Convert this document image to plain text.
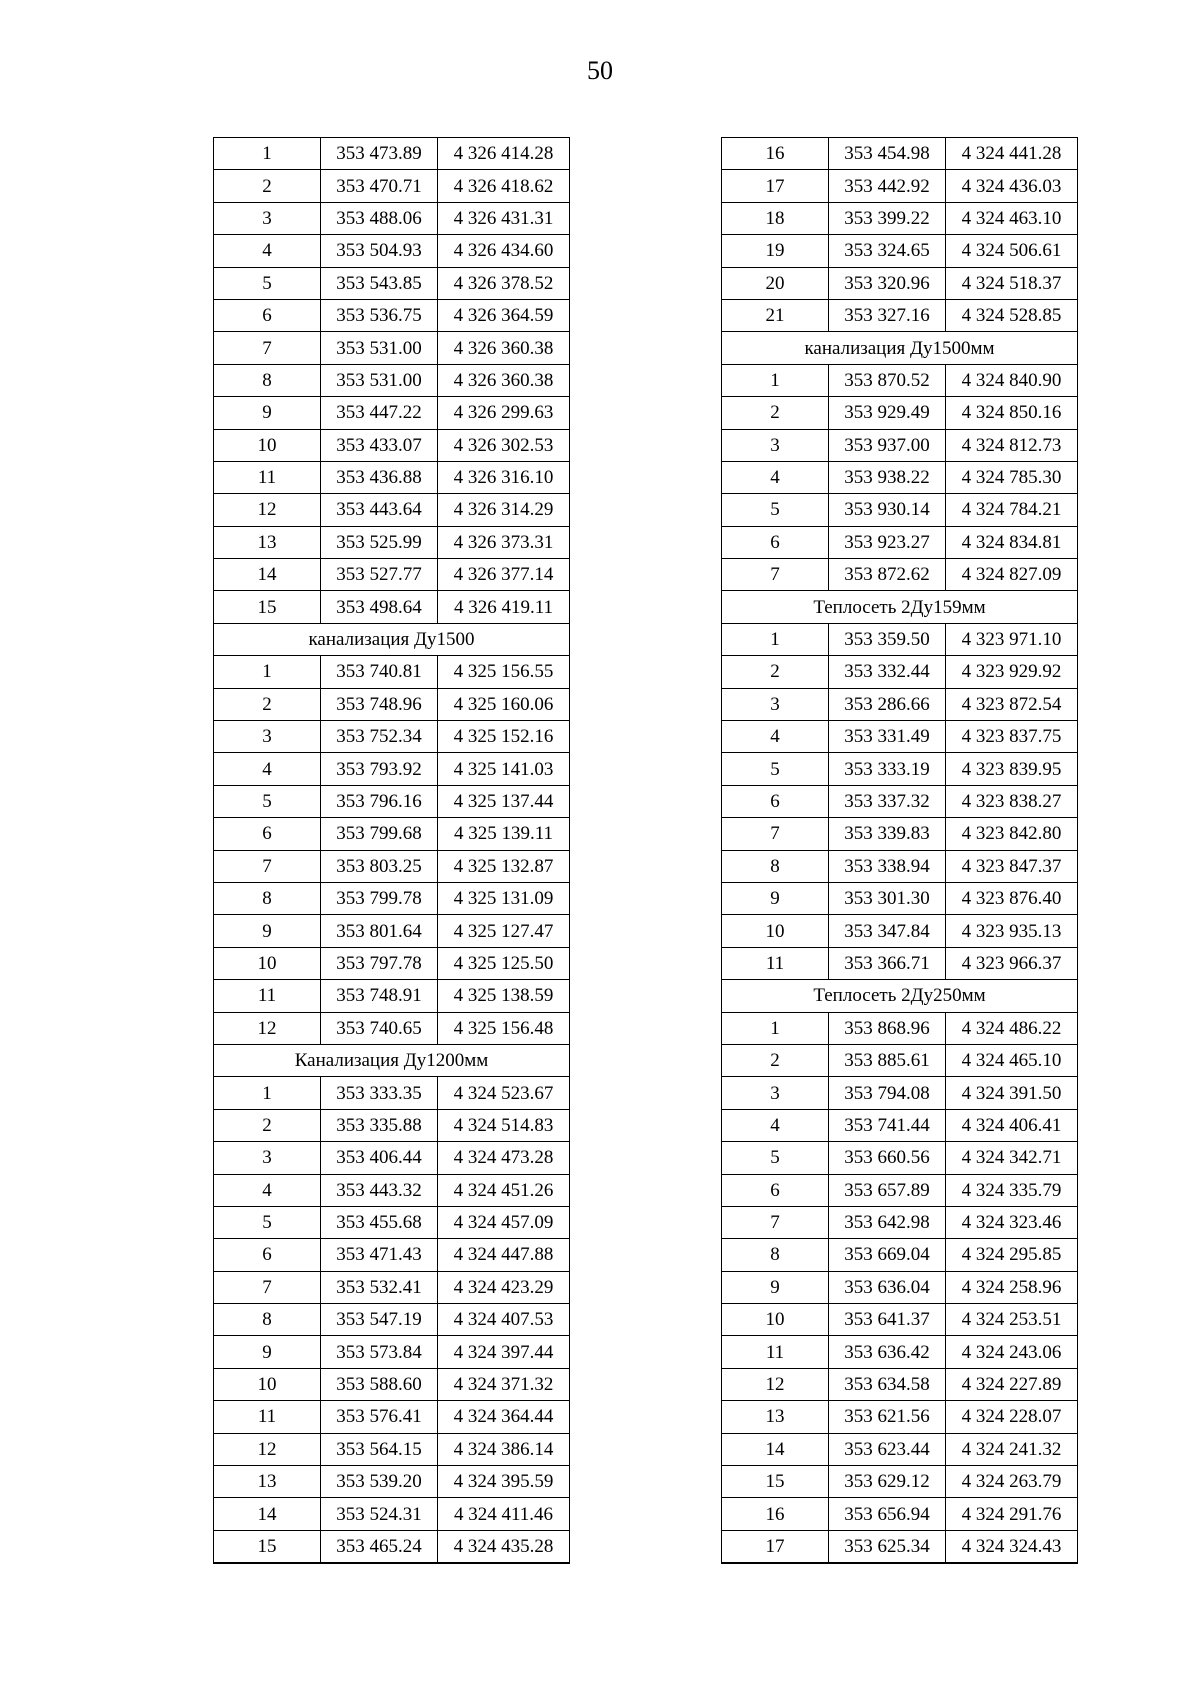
50
1	353 473.89	4 326 414.28
2	353 470.71	4 326 418.62
3	353 488.06	4 326 431.31
4	353 504.93	4 326 434.60
5	353 543.85	4 326 378.52
6	353 536.75	4 326 364.59
7	353 531.00	4 326 360.38
8	353 531.00	4 326 360.38
9	353 447.22	4 326 299.63
10	353 433.07	4 326 302.53
11	353 436.88	4 326 316.10
12	353 443.64	4 326 314.29
13	353 525.99	4 326 373.31
14	353 527.77	4 326 377.14
15	353 498.64	4 326 419.11
канализация Ду1500		
1	353 740.81	4 325 156.55
2	353 748.96	4 325 160.06
3	353 752.34	4 325 152.16
4	353 793.92	4 325 141.03
5	353 796.16	4 325 137.44
6	353 799.68	4 325 139.11
7	353 803.25	4 325 132.87
8	353 799.78	4 325 131.09
9	353 801.64	4 325 127.47
10	353 797.78	4 325 125.50
11	353 748.91	4 325 138.59
12	353 740.65	4 325 156.48
Канализация Ду1200мм		
1	353 333.35	4 324 523.67
2	353 335.88	4 324 514.83
3	353 406.44	4 324 473.28
4	353 443.32	4 324 451.26
5	353 455.68	4 324 457.09
6	353 471.43	4 324 447.88
7	353 532.41	4 324 423.29
8	353 547.19	4 324 407.53
9	353 573.84	4 324 397.44
10	353 588.60	4 324 371.32
11	353 576.41	4 324 364.44
12	353 564.15	4 324 386.14
13	353 539.20	4 324 395.59
14	353 524.31	4 324 411.46
15	353 465.24	4 324 435.28
16	353 454.98	4 324 441.28
17	353 442.92	4 324 436.03
18	353 399.22	4 324 463.10
19	353 324.65	4 324 506.61
20	353 320.96	4 324 518.37
21	353 327.16	4 324 528.85
канализация Ду1500мм		
1	353 870.52	4 324 840.90
2	353 929.49	4 324 850.16
3	353 937.00	4 324 812.73
4	353 938.22	4 324 785.30
5	353 930.14	4 324 784.21
6	353 923.27	4 324 834.81
7	353 872.62	4 324 827.09
Теплосеть 2Ду159мм		
1	353 359.50	4 323 971.10
2	353 332.44	4 323 929.92
3	353 286.66	4 323 872.54
4	353 331.49	4 323 837.75
5	353 333.19	4 323 839.95
6	353 337.32	4 323 838.27
7	353 339.83	4 323 842.80
8	353 338.94	4 323 847.37
9	353 301.30	4 323 876.40
10	353 347.84	4 323 935.13
11	353 366.71	4 323 966.37
Теплосеть 2Ду250мм		
1	353 868.96	4 324 486.22
2	353 885.61	4 324 465.10
3	353 794.08	4 324 391.50
4	353 741.44	4 324 406.41
5	353 660.56	4 324 342.71
6	353 657.89	4 324 335.79
7	353 642.98	4 324 323.46
8	353 669.04	4 324 295.85
9	353 636.04	4 324 258.96
10	353 641.37	4 324 253.51
11	353 636.42	4 324 243.06
12	353 634.58	4 324 227.89
13	353 621.56	4 324 228.07
14	353 623.44	4 324 241.32
15	353 629.12	4 324 263.79
16	353 656.94	4 324 291.76
17	353 625.34	4 324 324.43
